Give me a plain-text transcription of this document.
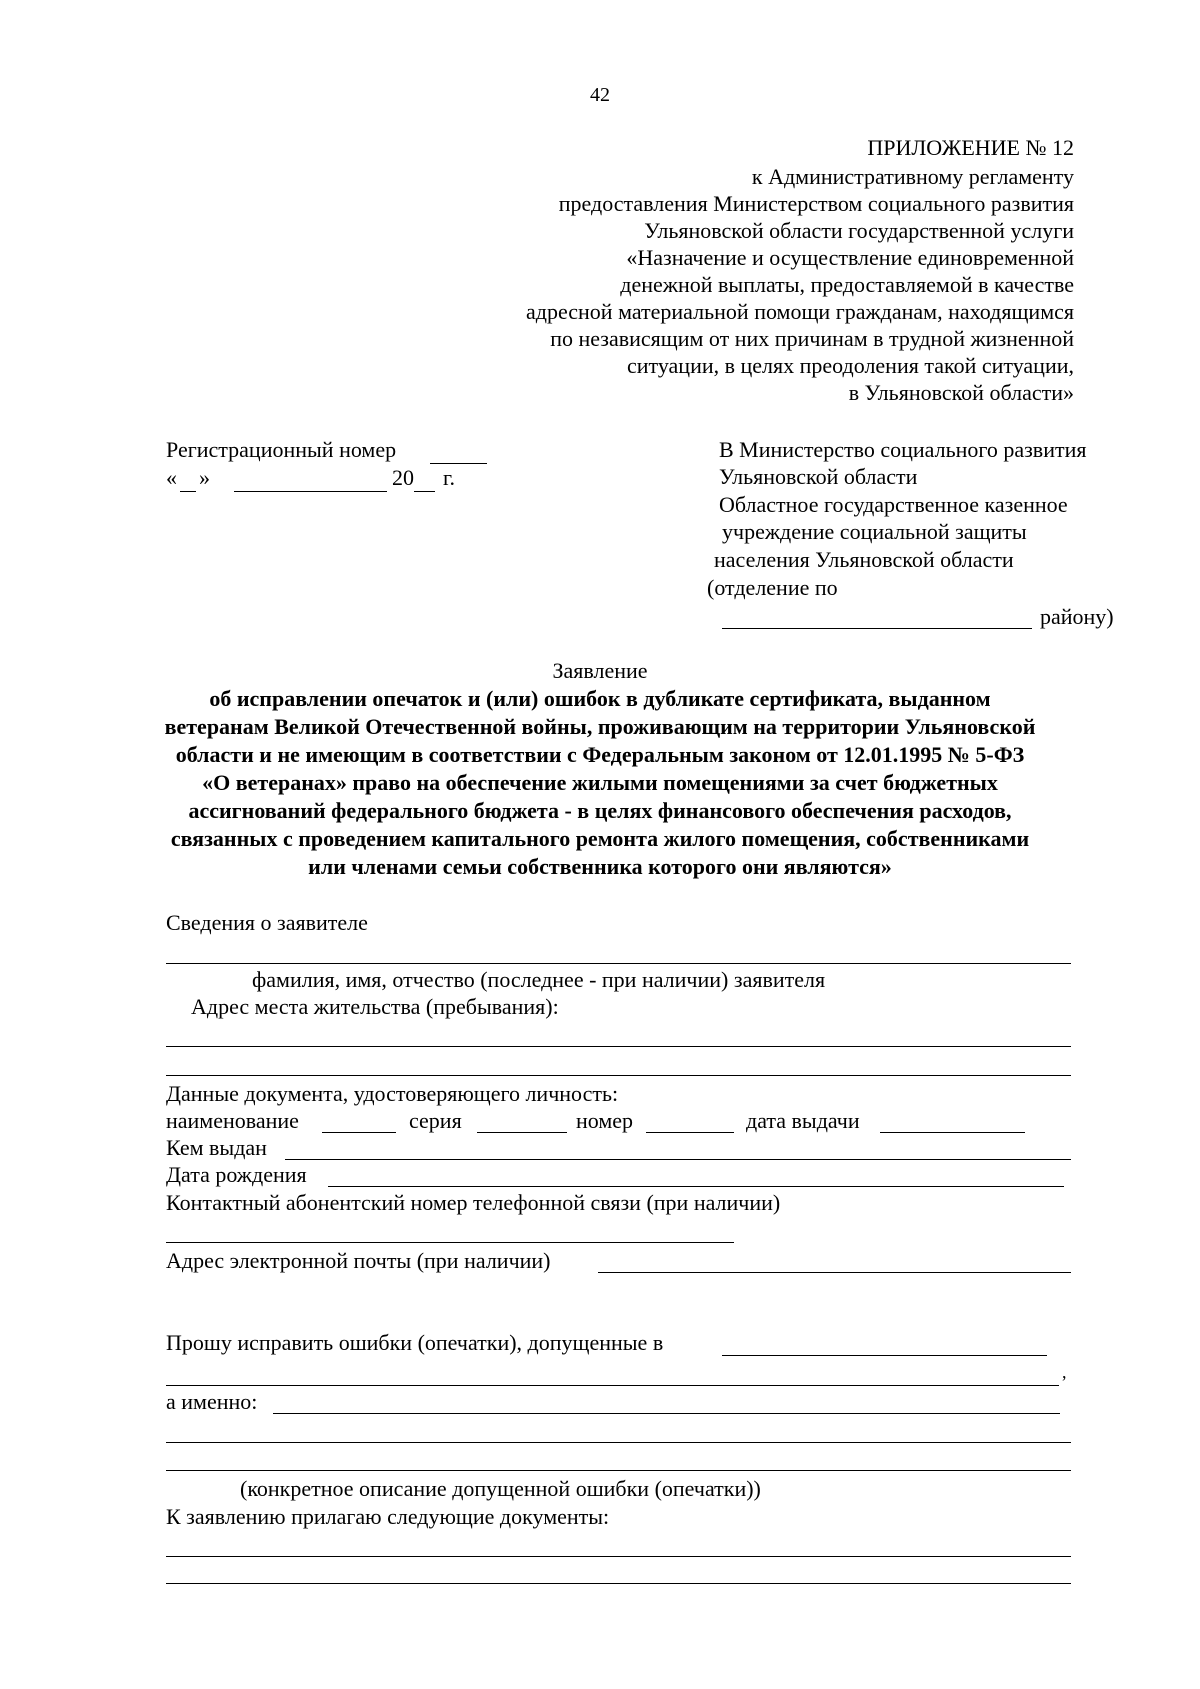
42
ПРИЛОЖЕНИЕ № 12
к Административному регламенту
предоставления Министерством социального развития
Ульяновской области государственной услуги
«Назначение и осуществление единовременной
денежной выплаты, предоставляемой в качестве
адресной материальной помощи гражданам, находящимся
по независящим от них причинам в трудной жизненной
ситуации, в целях преодоления такой ситуации,
в Ульяновской области»
Регистрационный номер
« »	20 г.
В Министерство социального развития
Ульяновской области
Областное государственное казенное
учреждение социальной защиты
населения Ульяновской области
(отделение по
району)
Заявление
об исправлении опечаток и (или) ошибок в дубликате сертификата, выданном
ветеранам Великой Отечественной войны, проживающим на территории Ульяновской
области и не имеющим в соответствии с Федеральным законом от 12.01.1995 № 5-ФЗ
«О ветеранах» право на обеспечение жилыми помещениями за счет бюджетных
ассигнований федерального бюджета - в целях финансового обеспечения расходов,
связанных с проведением капитального ремонта жилого помещения, собственниками
или членами семьи собственника которого они являются»
Сведения о заявителе
фамилия, имя, отчество (последнее - при наличии) заявителя
Адрес места жительства (пребывания):
Данные документа, удостоверяющего личность:
наименование	серия	номер	дата выдачи
Кем выдан
Дата рождения
Контактный абонентский номер телефонной связи (при наличии)
Адрес электронной почты (при наличии)
Прошу исправить ошибки (опечатки), допущенные в
,
а именно:
(конкретное описание допущенной ошибки (опечатки))
К заявлению прилагаю следующие документы:
